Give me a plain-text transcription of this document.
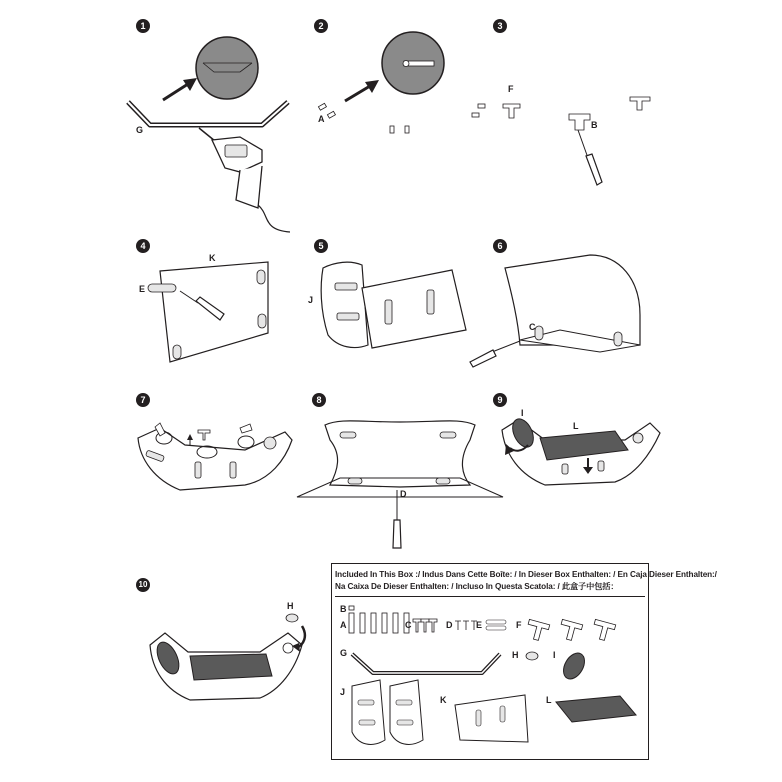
1
G
2
A
3
F
B
4
K
E
5
J
6
C
7	8
D
9
I
L
10
H
Included In This Box :/ Indus Dans Cette Boîte: / In Dieser Box Enthalten: / En Caja Dieser Enthalten:/
Na Caixa De Dieser Enthalten: / Incluso In Questa Scatola: / 此盒子中包括：
B
A	C	D	E	F
G	H	I
J
K	L
